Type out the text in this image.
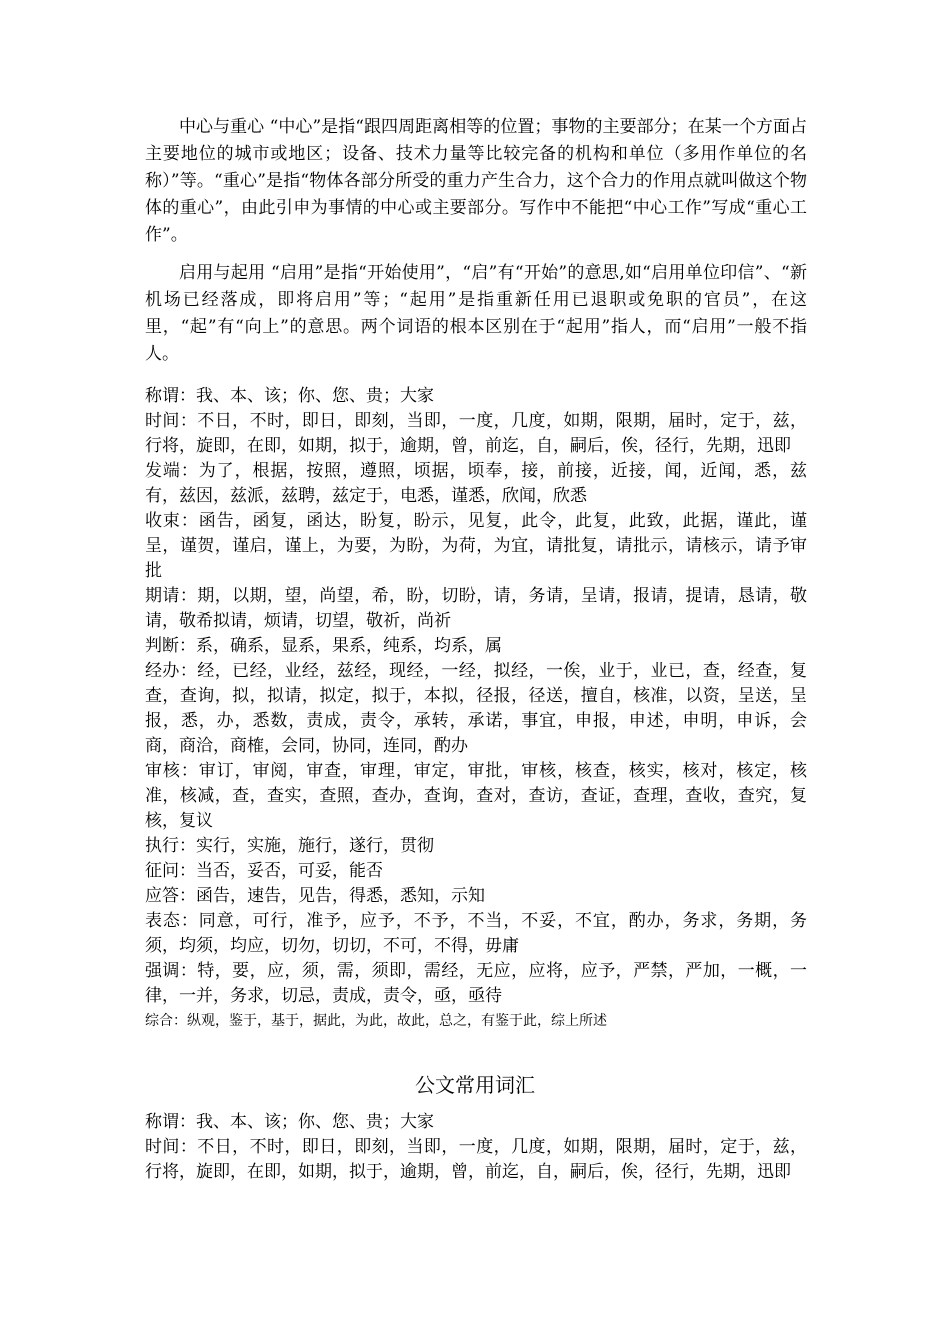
中心与重心 “中心”是指“跟四周距离相等的位置；事物的主要部分；在某一个方面占主要地位的城市或地区；设备、技术力量等比较完备的机构和单位（多用作单位的名称）”等。“重心”是指“物体各部分所受的重力产生合力，这个合力的作用点就叫做这个物体的重心”，由此引申为事情的中心或主要部分。写作中不能把“中心工作”写成“重心工作”。

启用与起用 “启用”是指“开始使用”，“启”有“开始”的意思,如“启用单位印信”、“新机场已经落成，即将启用”等；“起用”是指重新任用已退职或免职的官员”，在这里，“起”有“向上”的意思。两个词语的根本区别在于“起用”指人，而“启用”一般不指人。

称谓：我、本、该；你、您、贵；大家

时间：不日，不时，即日，即刻，当即，一度，几度，如期，限期，届时，定于，兹，行将，旋即，在即，如期，拟于，逾期，曾，前迄，自，嗣后，俟，径行，先期，迅即

发端：为了，根据，按照，遵照，顷据，顷奉，接，前接，近接，闻，近闻，悉，兹有，兹因，兹派，兹聘，兹定于，电悉，谨悉，欣闻，欣悉

收束：函告，函复，函达，盼复，盼示，见复，此令，此复，此致，此据，谨此，谨呈，谨贺，谨启，谨上，为要，为盼，为荷，为宜，请批复，请批示，请核示，请予审批

期请：期，以期，望，尚望，希，盼，切盼，请，务请，呈请，报请，提请，恳请，敬请，敬希拟请，烦请，切望，敬祈，尚祈

判断：系，确系，显系，果系，纯系，均系，属

经办：经，已经，业经，兹经，现经，一经，拟经，一俟，业于，业已，查，经查，复查，查询，拟，拟请，拟定，拟于，本拟，径报，径送，擅自，核准，以资，呈送，呈报，悉，办，悉数，责成，责令，承转，承诺，事宜，申报，申述，申明，申诉，会商，商洽，商榷，会同，协同，连同，酌办

审核：审订，审阅，审查，审理，审定，审批，审核，核查，核实，核对，核定，核准，核减，查，查实，查照，查办，查询，查对，查访，查证，查理，查收，查究，复核，复议

执行：实行，实施，施行，遂行，贯彻

征问：当否，妥否，可妥，能否

应答：函告，速告，见告，得悉，悉知，示知

表态：同意，可行，准予，应予，不予，不当，不妥，不宜，酌办，务求，务期，务须，均须，均应，切勿，切切，不可，不得，毋庸

强调：特，要，应，须，需，须即，需经，无应，应将，应予，严禁，严加，一概，一律，一并，务求，切忌，责成，责令，亟，亟待

综合：纵观，鉴于，基于，据此，为此，故此，总之，有鉴于此，综上所述

公文常用词汇

称谓：我、本、该；你、您、贵；大家

时间：不日，不时，即日，即刻，当即，一度，几度，如期，限期，届时，定于，兹，行将，旋即，在即，如期，拟于，逾期，曾，前迄，自，嗣后，俟，径行，先期，迅即
